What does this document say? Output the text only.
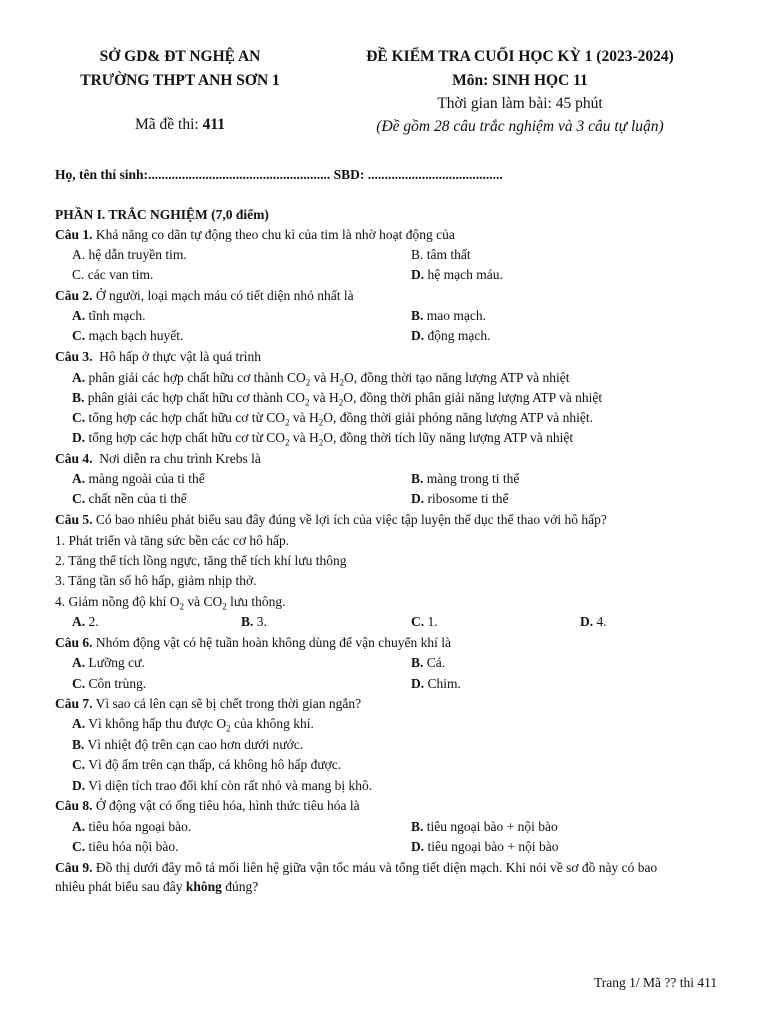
SỞ GD& ĐT NGHỆ AN
TRƯỜNG THPT ANH SƠN 1
Mã đề thi: 411
ĐỀ KIỂM TRA CUỐI HỌC KỲ 1 (2023-2024)
Môn: SINH HỌC 11
Thời gian làm bài: 45 phút
(Đề gồm 28 câu trắc nghiệm và 3 câu tự luận)
Họ, tên thí sinh:...................................................... SBD: ........................................
PHẦN I. TRẮC NGHIỆM (7,0 điểm)
Câu 1. Khả năng co dãn tự động theo chu kì của tim là nhờ hoạt động của
A. hệ dẫn truyền tim.	B. tâm thất
C. các van tim.	D. hệ mạch máu.
Câu 2. Ở người, loại mạch máu có tiết diện nhỏ nhất là
A. tĩnh mạch.	B. mao mạch.
C. mạch bạch huyết.	D. động mạch.
Câu 3. Hô hấp ở thực vật là quá trình
A. phân giải các hợp chất hữu cơ thành $CO_2$ và $H_2O$, đồng thời tạo năng lượng ATP và nhiệt
B. phân giải các hợp chất hữu cơ thành $CO_2$ và $H_2O$, đồng thời phân giải năng lượng ATP và nhiệt
C. tổng hợp các hợp chất hữu cơ từ $CO_2$ và $H_2O$, đồng thời giải phóng năng lượng ATP và nhiệt.
D. tổng hợp các hợp chất hữu cơ từ $CO_2$ và $H_2O$, đồng thời tích lũy năng lượng ATP và nhiệt
Câu 4. Nơi diễn ra chu trình Krebs là
A. màng ngoài của ti thể	B. màng trong ti thể
C. chất nền của ti thể	D. ribosome ti thể
Câu 5. Có bao nhiêu phát biểu sau đây đúng về lợi ích của việc tập luyện thể dục thể thao với hô hấp?
1. Phát triển và tăng sức bền các cơ hô hấp.
2. Tăng thể tích lồng ngực, tăng thể tích khí lưu thông
3. Tăng tần số hô hấp, giảm nhịp thở.
4. Giảm nồng độ khí $O_2$ và $CO_2$ lưu thông.
A. 2.	B. 3.	C. 1.	D. 4.
Câu 6. Nhóm động vật có hệ tuần hoàn không dùng để vận chuyển khí là
A. Lưỡng cư.	B. Cá.
C. Côn trùng.	D. Chim.
Câu 7. Vì sao cá lên cạn sẽ bị chết trong thời gian ngắn?
A. Vì không hấp thu được $O_2$ của không khí.
B. Vì nhiệt độ trên cạn cao hơn dưới nước.
C. Vì độ ẩm trên cạn thấp, cá không hô hấp được.
D. Vì diện tích trao đổi khí còn rất nhỏ và mang bị khô.
Câu 8. Ở động vật có ống tiêu hóa, hình thức tiêu hóa là
A. tiêu hóa ngoại bào.	B. tiêu ngoại bào + nội bào
C. tiêu hóa nội bào.	D. tiêu ngoại bào + nội bào
Câu 9. Đồ thị dưới đây mô tả mối liên hệ giữa vận tốc máu và tổng tiết diện mạch. Khi nói về sơ đồ này có bao
nhiêu phát biểu sau đây không đúng?
Trang 1/ Mã ?? thi 411
